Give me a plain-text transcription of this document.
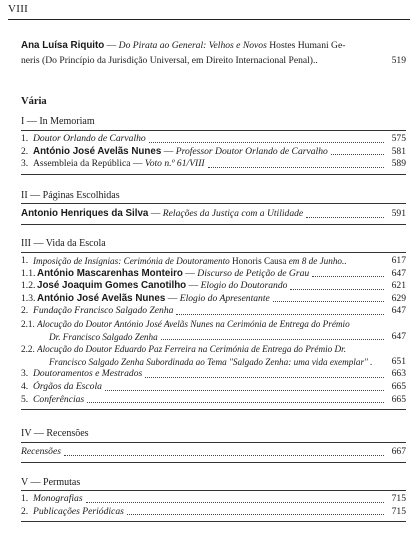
VIII
Ana Luísa Riquito — Do Pirata ao General: Velhos e Novos Hostes Humani Ge-
neris (Do Princípio da Jurisdição Universal, em Direito Internacional Penal)..	519
Vária
I — In Memoriam
1. Doutor Orlando de Carvalho	575
2. António José Avelãs Nunes — Professor Doutor Orlando de Carvalho	581
3. Assembleia da República — Voto n.º 61/VIII	589
II — Páginas Escolhidas
Antonio Henriques da Silva — Relações da Justiça com a Utilidade	591
III — Vida da Escola
1. Imposição de Insígnias: Cerimónia de Doutoramento Honoris Causa em 8 de Junho..	617
1.1. António Mascarenhas Monteiro — Discurso de Petição de Grau	647
1.2. José Joaquim Gomes Canotilho — Elogio do Doutorando	621
1.3. António José Avelãs Nunes — Elogio do Apresentante	629
2. Fundação Francisco Salgado Zenha	647
2.1. Alocução do Doutor António José Avelãs Nunes na Cerimónia de Entrega do Prémio
Dr. Francisco Salgado Zenha	647
2.2. Alocução do Doutor Eduardo Paz Ferreira na Cerimónia de Entrega do Prémio Dr.
Francisco Salgado Zenha Subordinada ao Tema "Salgado Zenha: uma vida exemplar" .	651
3. Doutoramentos e Mestrados	663
4. Órgãos da Escola	665
5. Conferências	665
IV — Recensões
Recensões	667
V — Permutas
1. Monografias	715
2. Publicações Periódicas	715
